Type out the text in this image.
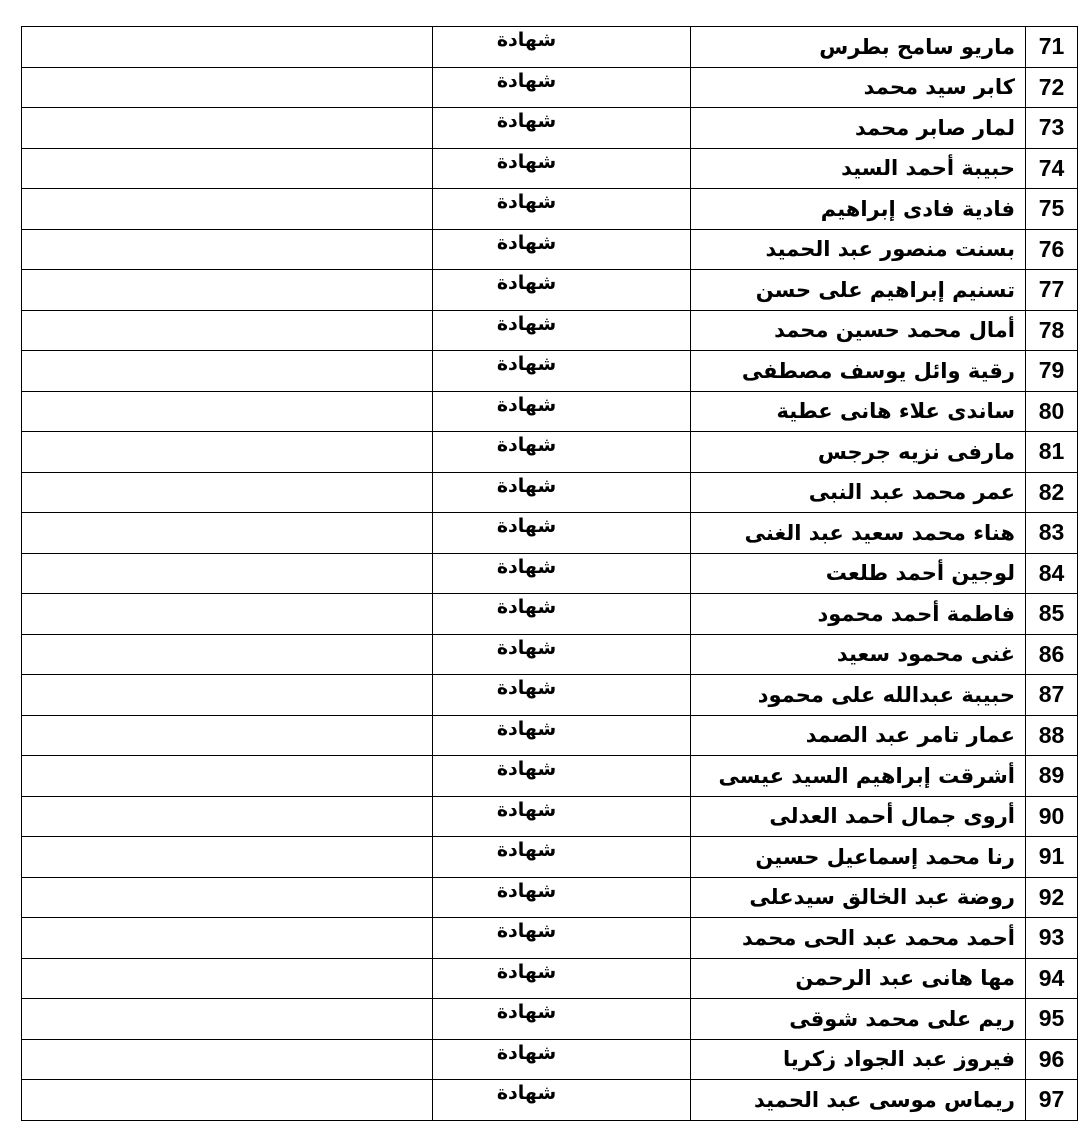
71	ماريو سامح بطرس	شهادة	
72	كابر سيد محمد	شهادة	
73	لمار صابر محمد	شهادة	
74	حبيبة أحمد السيد	شهادة	
75	فادية فادى إبراهيم	شهادة	
76	بسنت منصور عبد الحميد	شهادة	
77	تسنيم إبراهيم على حسن	شهادة	
78	أمال محمد حسين محمد	شهادة	
79	رقية وائل يوسف مصطفى	شهادة	
80	ساندى علاء هانى عطية	شهادة	
81	مارفى نزيه جرجس	شهادة	
82	عمر محمد عبد النبى	شهادة	
83	هناء محمد سعيد عبد الغنى	شهادة	
84	لوجين أحمد طلعت	شهادة	
85	فاطمة أحمد محمود	شهادة	
86	غنى محمود سعيد	شهادة	
87	حبيبة عبدالله على محمود	شهادة	
88	عمار تامر عبد الصمد	شهادة	
89	أشرقت إبراهيم السيد عيسى	شهادة	
90	أروى جمال أحمد العدلى	شهادة	
91	رنا محمد إسماعيل حسين	شهادة	
92	روضة عبد الخالق سيدعلى	شهادة	
93	أحمد محمد عبد الحى محمد	شهادة	
94	مها هانى عبد الرحمن	شهادة	
95	ريم على محمد شوقى	شهادة	
96	فيروز عبد الجواد زكريا	شهادة	
97	ريماس موسى عبد الحميد	شهادة	
